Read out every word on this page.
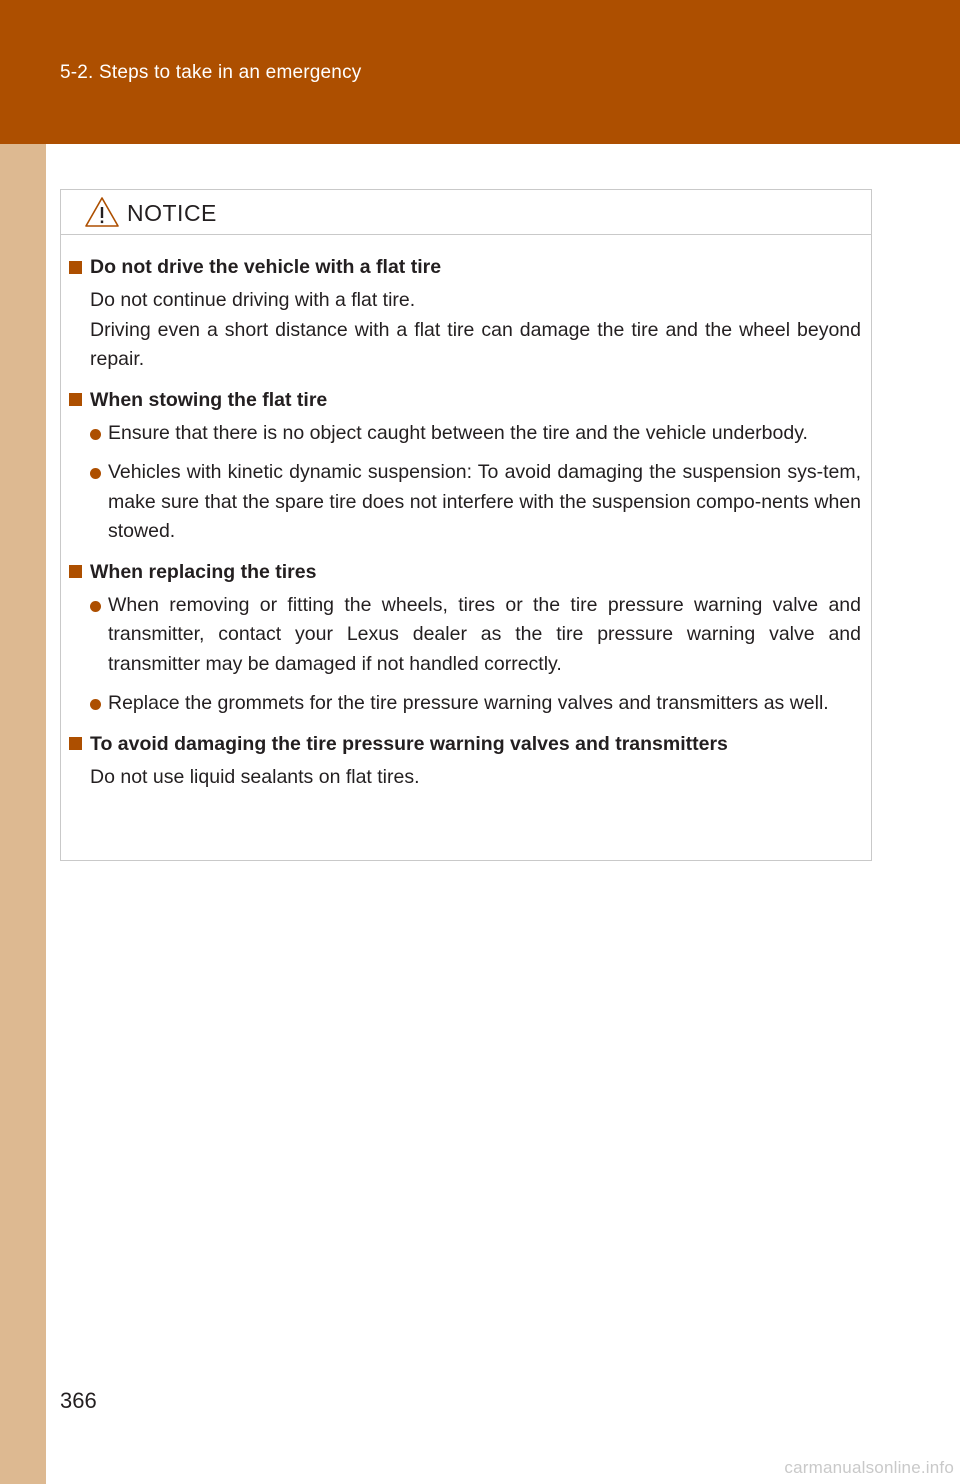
5-2. Steps to take in an emergency
NOTICE
Do not drive the vehicle with a flat tire
Do not continue driving with a flat tire.
Driving even a short distance with a flat tire can damage the tire and the wheel beyond repair.
When stowing the flat tire
Ensure that there is no object caught between the tire and the vehicle underbody.
Vehicles with kinetic dynamic suspension: To avoid damaging the suspension sys-tem, make sure that the spare tire does not interfere with the suspension compo-nents when stowed.
When replacing the tires
When removing or fitting the wheels, tires or the tire pressure warning valve and transmitter, contact your Lexus dealer as the tire pressure warning valve and transmitter may be damaged if not handled correctly.
Replace the grommets for the tire pressure warning valves and transmitters as well.
To avoid damaging the tire pressure warning valves and transmitters
Do not use liquid sealants on flat tires.
366
carmanualsonline.info
